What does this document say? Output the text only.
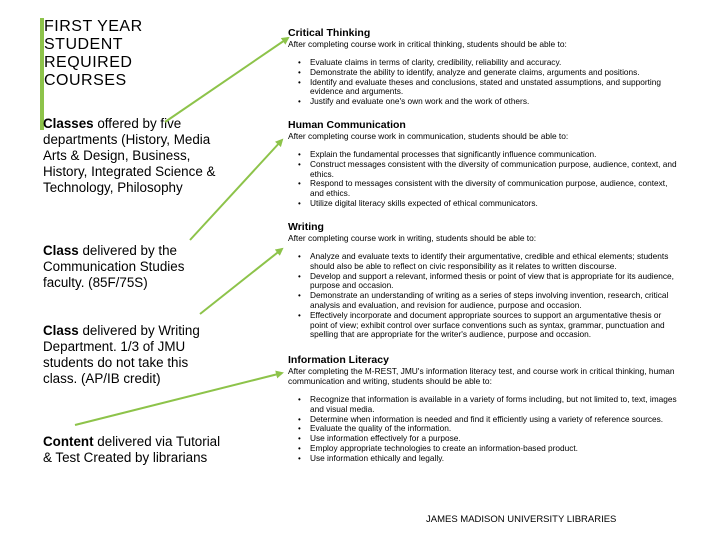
FIRST YEAR STUDENT REQUIRED COURSES
Classes offered by five departments (History, Media Arts & Design, Business, History, Integrated Science & Technology, Philosophy
Class delivered by the Communication Studies faculty. (85F/75S)
Class delivered by Writing Department. 1/3 of JMU students do not take this class. (AP/IB credit)
Content delivered via Tutorial & Test Created by librarians
Critical Thinking
After completing course work in critical thinking, students should be able to:
• Evaluate claims in terms of clarity, credibility, reliability and accuracy.
• Demonstrate the ability to identify, analyze and generate claims, arguments and positions.
• Identify and evaluate theses and conclusions, stated and unstated assumptions, and supporting evidence and arguments.
• Justify and evaluate one's own work and the work of others.
Human Communication
After completing course work in communication, students should be able to:
• Explain the fundamental processes that significantly influence communication.
• Construct messages consistent with the diversity of communication purpose, audience, context, and ethics.
• Respond to messages consistent with the diversity of communication purpose, audience, context, and ethics.
• Utilize digital literacy skills expected of ethical communicators.
Writing
After completing course work in writing, students should be able to:
• Analyze and evaluate texts to identify their argumentative, credible and ethical elements; students should also be able to reflect on civic responsibility as it relates to written discourse.
• Develop and support a relevant, informed thesis or point of view that is appropriate for its audience, purpose and occasion.
• Demonstrate an understanding of writing as a series of steps involving invention, research, critical analysis and evaluation, and revision for audience, purpose and occasion.
• Effectively incorporate and document appropriate sources to support an argumentative thesis or point of view; exhibit control over surface conventions such as syntax, grammar, punctuation and spelling that are appropriate for the writer's audience, purpose and occasion.
Information Literacy
After completing the M-REST, JMU's information literacy test, and course work in critical thinking, human communication and writing, students should be able to:
• Recognize that information is available in a variety of forms including, but not limited to, text, images and visual media.
• Determine when information is needed and find it efficiently using a variety of reference sources.
• Evaluate the quality of the information.
• Use information effectively for a purpose.
• Employ appropriate technologies to create an information-based product.
• Use information ethically and legally.
JAMES MADISON UNIVERSITY LIBRARIES
